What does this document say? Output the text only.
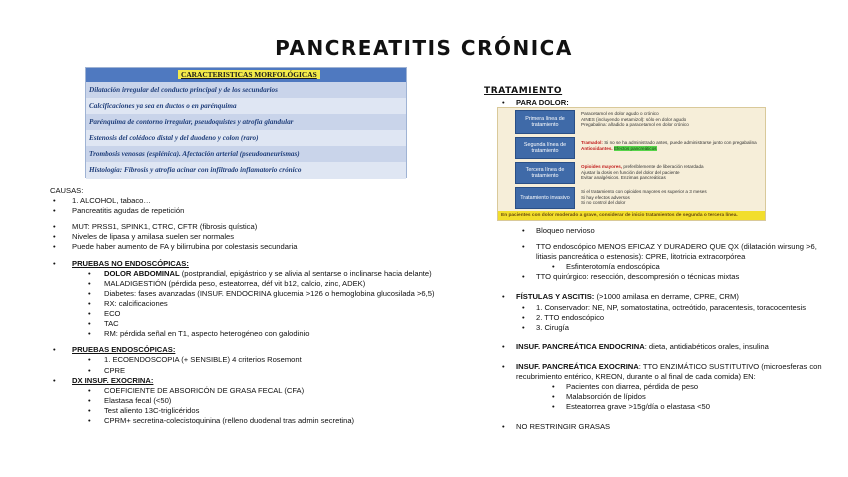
PANCREATITIS CRÓNICA
CARACTERISTICAS MORFOLÓGICAS
Dilatación irregular del conducto principal y de los secundarios
Calcificaciones ya sea en ductos o en parénquima
Parénquima de contorno irregular, pseudoquistes y atrofia glandular
Estenosis del colédoco distal y del duodeno y colon (raro)
Trombosis venosas (esplénica). Afectación arterial (pseudoaneurismas)
Histología: Fibrosis y atrofia acinar con infiltrado inflamatorio crónico
CAUSAS:
• 1. ALCOHOL, tabaco…
• Pancreatitis agudas de repetición
• MUT: PRSS1, SPINK1, CTRC, CFTR (fibrosis quística)
• Niveles de lipasa y amilasa suelen ser normales
• Puede haber aumento de FA y bilirrubina por colestasis secundaria
• PRUEBAS NO ENDOSCÓPICAS:
• DOLOR ABDOMINAL (postprandial, epigástrico y se alivia al sentarse o inclinarse hacia delante)
• MALADIGESTIÓN (pérdida peso, esteatorrea, déf vit b12, calcio, zinc, ADEK)
• Diabetes: fases avanzadas (INSUF. ENDOCRINA glucemia >126 o hemoglobina glucosilada >6,5)
• RX: calcificaciones
• ECO
• TAC
• RM: pérdida señal en T1, aspecto heterogéneo con galodinio
• PRUEBAS ENDOSCÓPICAS:
• 1. ECOENDOSCOPIA (+ SENSIBLE) 4 criterios Rosemont
• CPRE
• DX INSUF. EXOCRINA:
• COEFICIENTE DE ABSORICÓN DE GRASA FECAL (CFA)
• Elastasa fecal (<50)
• Test aliento 13C-triglicéridos
• CPRM+ secretina-colecistoquinina (relleno duodenal tras admin secretina)
TRATAMIENTO
• PARA DOLOR:
Primera línea de tratamiento
Paracetamol en dolor agudo o crónico
AINES (incluyendo metamizol): sólo en dolor agudo
Pregabalina: añadido a paracetamol en dolor crónico
Segunda línea de tratamiento
Tramadol: Si no se ha administrado antes, puede administrarse junto con pregabalina
Antioxidantes. Efectos pancreáticos
Tercera línea de tratamiento
Opioides mayores, preferiblemente de liberación retardada
Ajustar la dosis en función del dolor del paciente
Evitar analgésicos. Enzimas pancreáticas
Tratamiento invasivo
Si el tratamiento con opioides mayores es superior a 3 meses
Si hay efectos adversos
Si no control del dolor
En pacientes con dolor moderado a grave, considerar de inicio tratamientos de segunda o tercera línea.
• Bloqueo nervioso
• TTO endoscópico MENOS EFICAZ Y DURADERO QUE QX (dilatación wirsung >6, litiasis pancreática o estenosis): CPRE, litotricia extracorpórea
• Esfinterotomía endoscópica
• TTO quirúrgico: resección, descompresión o técnicas mixtas
• FÍSTULAS Y ASCITIS: (>1000 amilasa en derrame, CPRE, CRM)
• 1. Conservador: NE, NP, somatostatina, octreótido, paracentesis, toracocentesis
• 2. TTO endoscópico
• 3. Cirugía
• INSUF. PANCREÁTICA ENDOCRINA: dieta, antidiabéticos orales, insulina
• INSUF. PANCREÁTICA EXOCRINA: TTO ENZIMÁTICO SUSTITUTIVO (microesferas con recubrimiento entérico, KREON, durante o al final de cada comida) EN:
• Pacientes con diarrea, pérdida de peso
• Malabsorción de lípidos
• Esteatorrea grave >15g/día o elastasa <50
• NO RESTRINGIR GRASAS
